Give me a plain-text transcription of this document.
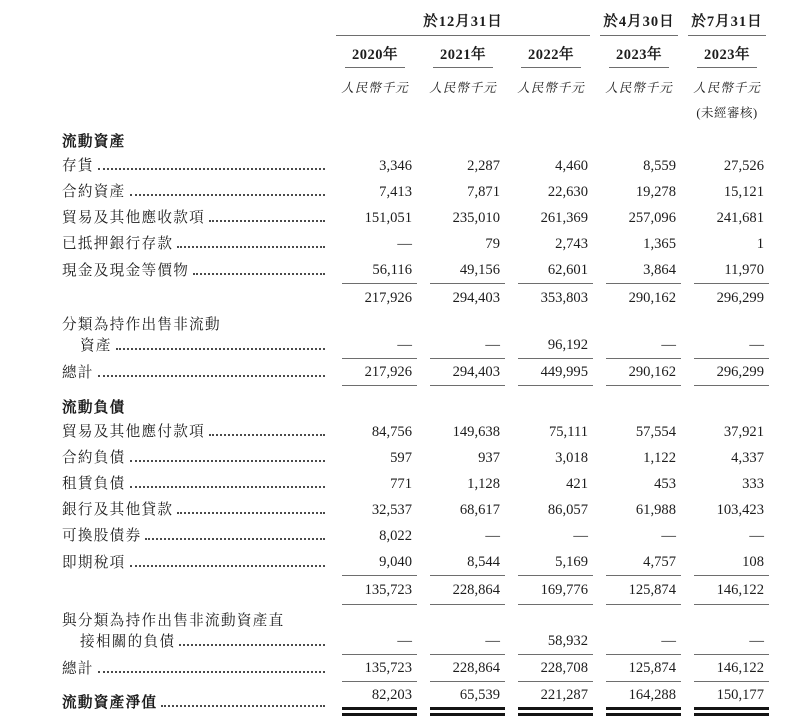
	於12月31日			於4月30日	於7月31日

	2020年	2021年	2022年	2023年	2023年
	人民幣千元	人民幣千元	人民幣千元	人民幣千元	人民幣千元
					(未經審核)

流動資產					

存貨	3,346	2,287	4,460	8,559	27,526

合約資產	7,413	7,871	22,630	19,278	15,121

貿易及其他應收款項	151,051	235,010	261,369	257,096	241,681

已抵押銀行存款	—	79	2,743	1,365	1

現金及現金等價物	56,116	49,156	62,601	3,864	11,970

	217,926	294,403	353,803	290,162	296,299

分類為持作出售非流動					

資產	—	—	96,192	—	—

總計	217,926	294,403	449,995	290,162	296,299

流動負債					

貿易及其他應付款項	84,756	149,638	75,111	57,554	37,921

合約負債	597	937	3,018	1,122	4,337

租賃負債	771	1,128	421	453	333

銀行及其他貸款	32,537	68,617	86,057	61,988	103,423

可換股債券	8,022	—	—	—	—

即期稅項	9,040	8,544	5,169	4,757	108

	135,723	228,864	169,776	125,874	146,122

與分類為持作出售非流動資產直					

接相關的負債	—	—	58,932	—	—

總計	135,723	228,864	228,708	125,874	146,122

流動資產淨值	82,203	65,539	221,287	164,288	150,177
